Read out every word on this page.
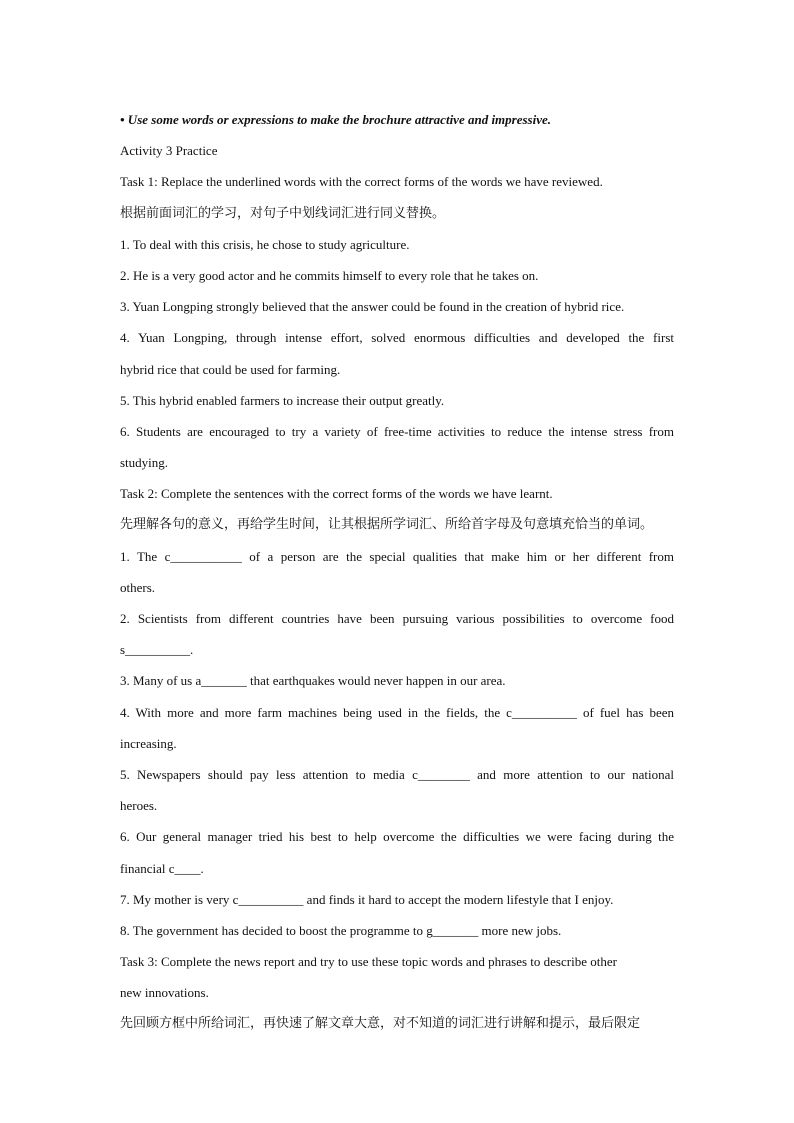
• Use some words or expressions to make the brochure attractive and impressive.
Activity 3 Practice
Task 1: Replace the underlined words with the correct forms of the words we have reviewed.
根据前面词汇的学习，对句子中划线词汇进行同义替换。
1. To deal with this crisis, he chose to study agriculture.
2. He is a very good actor and he commits himself to every role that he takes on.
3. Yuan Longping strongly believed that the answer could be found in the creation of hybrid rice.
4. Yuan Longping, through intense effort, solved enormous difficulties and developed the first
hybrid rice that could be used for farming.
5. This hybrid enabled farmers to increase their output greatly.
6. Students are encouraged to try a variety of free-time activities to reduce the intense stress from
studying.
Task 2: Complete the sentences with the correct forms of the words we have learnt.
先理解各句的意义，再给学生时间，让其根据所学词汇、所给首字母及句意填充恰当的单词。
1. The c___________ of a person are the special qualities that make him or her different from
others.
2. Scientists from different countries have been pursuing various possibilities to overcome food
s__________.
3. Many of us a_______ that earthquakes would never happen in our area.
4. With more and more farm machines being used in the fields, the c__________ of fuel has been
increasing.
5. Newspapers should pay less attention to media c________ and more attention to our national
heroes.
6. Our general manager tried his best to help overcome the difficulties we were facing during the
financial c____.
7. My mother is very c__________ and finds it hard to accept the modern lifestyle that I enjoy.
8. The government has decided to boost the programme to g_______ more new jobs.
Task 3: Complete the news report and try to use these topic words and phrases to describe other
new innovations.
先回顾方框中所给词汇，再快速了解文章大意，对不知道的词汇进行讲解和提示，最后限定
